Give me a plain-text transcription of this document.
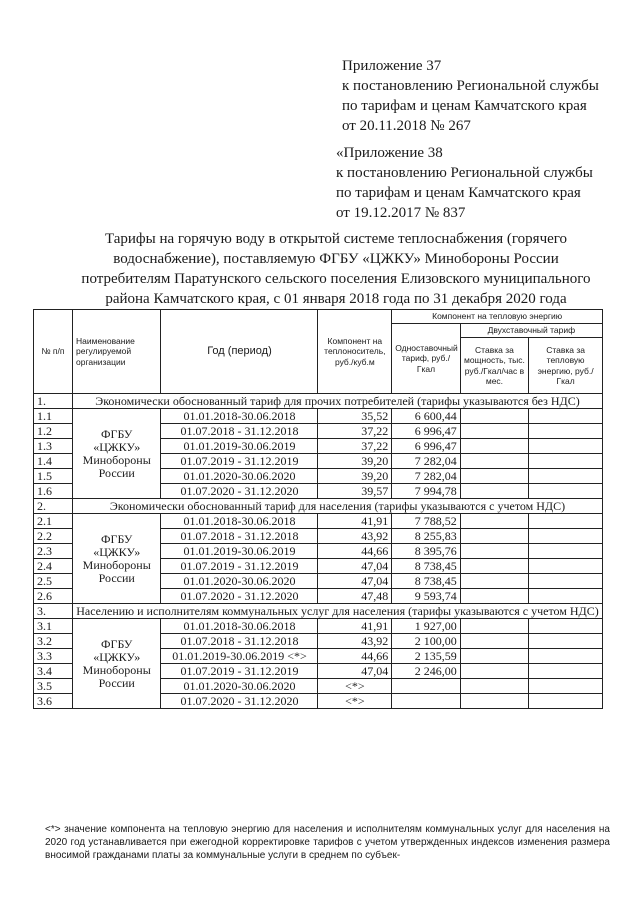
Приложение 37
к постановлению Региональной службы
по тарифам и ценам Камчатского края
от 20.11.2018 № 267
«Приложение 38
к постановлению Региональной службы
по тарифам и ценам Камчатского края
от 19.12.2017 № 837
Тарифы на горячую воду в открытой системе теплоснабжения (горячего
водоснабжение), поставляемую ФГБУ «ЦЖКУ» Минобороны России
потребителям Паратунского сельского поселения Елизовского муниципального
района Камчатского края, с 01 января 2018 года по 31 декабря 2020 года
№ п/п	Наименование регулируемой организации	Год (период)	Компонент на теплоноситель, руб./куб.м	Компонент на тепловую энергию		
				Одноставочный тариф, руб./Гкал	Двухставочный тариф	
					Ставка за мощность, тыс. руб./Гкал/час в мес.	Ставка за тепловую энергию, руб./Гкал
1.	Экономически обоснованный тариф для прочих потребителей (тарифы указываются без НДС)					
1.1	ФГБУ
«ЦЖКУ»
Минобороны
России	01.01.2018-30.06.2018	35,52	6 600,44		
1.2		01.07.2018 - 31.12.2018	37,22	6 996,47		
1.3		01.01.2019-30.06.2019	37,22	6 996,47		
1.4		01.07.2019 - 31.12.2019	39,20	7 282,04		
1.5		01.01.2020-30.06.2020	39,20	7 282,04		
1.6		01.07.2020 - 31.12.2020	39,57	7 994,78		
2.	Экономически обоснованный тариф для населения (тарифы указываются с учетом НДС)					
2.1	ФГБУ
«ЦЖКУ»
Минобороны
России	01.01.2018-30.06.2018	41,91	7 788,52		
2.2		01.07.2018 - 31.12.2018	43,92	8 255,83		
2.3		01.01.2019-30.06.2019	44,66	8 395,76		
2.4		01.07.2019 - 31.12.2019	47,04	8 738,45		
2.5		01.01.2020-30.06.2020	47,04	8 738,45		
2.6		01.07.2020 - 31.12.2020	47,48	9 593,74		
3.	Населению и исполнителям коммунальных услуг для населения (тарифы указываются с учетом НДС)					
3.1	ФГБУ
«ЦЖКУ»
Минобороны
России	01.01.2018-30.06.2018	41,91	1 927,00		
3.2		01.07.2018 - 31.12.2018	43,92	2 100,00		
3.3		01.01.2019-30.06.2019 <*>	44,66	2 135,59		
3.4		01.07.2019 - 31.12.2019	47,04	2 246,00		
3.5		01.01.2020-30.06.2020	<*>			
3.6		01.07.2020 - 31.12.2020	<*>			
<*> значение компонента на тепловую энергию для населения и исполнителям коммунальных услуг для населения на 2020 год устанавливается при ежегодной корректировке тарифов с учетом утвержденных индексов изменения размера вносимой гражданами платы за коммунальные услуги в среднем по субъек-
